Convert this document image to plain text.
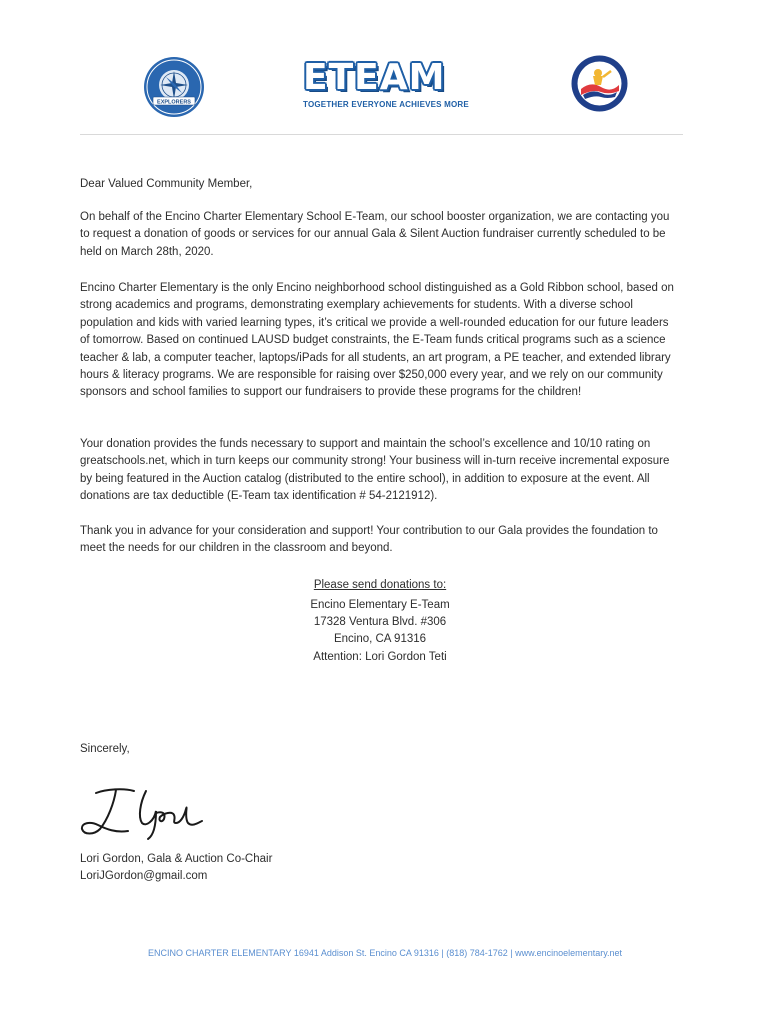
EXPLORERS
ETEAM
TOGETHER EVERYONE ACHIEVES MORE
Dear Valued Community Member,
On behalf of the Encino Charter Elementary School E-Team, our school booster organization, we are contacting you to request a donation of goods or services for our annual Gala & Silent Auction fundraiser currently scheduled to be held on March 28th, 2020.
Encino Charter Elementary is the only Encino neighborhood school distinguished as a Gold Ribbon school, based on strong academics and programs, demonstrating exemplary achievements for students. With a diverse school population and kids with varied learning types, it’s critical we provide a well-rounded education for our future leaders of tomorrow. Based on continued LAUSD budget constraints, the E-Team funds critical programs such as a science teacher & lab, a computer teacher, laptops/iPads for all students, an art program, a PE teacher, and extended library hours & literacy programs. We are responsible for raising over $250,000 every year, and we rely on our community sponsors and school families to support our fundraisers to provide these programs for the children!
Your donation provides the funds necessary to support and maintain the school’s excellence and 10/10 rating on greatschools.net, which in turn keeps our community strong! Your business will in-turn receive incremental exposure by being featured in the Auction catalog (distributed to the entire school), in addition to exposure at the event. All donations are tax deductible (E-Team tax identification # 54-2121912).
Thank you in advance for your consideration and support! Your contribution to our Gala provides the foundation to meet the needs for our children in the classroom and beyond.
Please send donations to:
Encino Elementary E-Team
17328 Ventura Blvd. #306
Encino, CA 91316
Attention: Lori Gordon Teti
Sincerely,
Lori Gordon, Gala & Auction Co-Chair
LoriJGordon@gmail.com
ENCINO CHARTER ELEMENTARY 16941 Addison St. Encino CA 91316 | (818) 784-1762 | www.encinoelementary.net
